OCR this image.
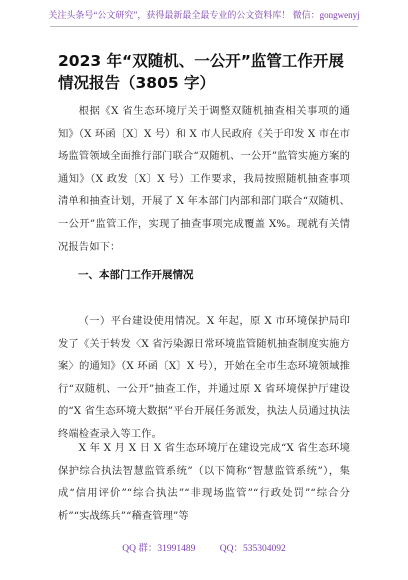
关注头条号“公文研究”，获得最新最全最专业的公文资料库！ 微信：gongwenyj
2023 年“双随机、一公开”监管工作开展情况报告（3805 字）
根据《X 省生态环境厅关于调整双随机抽查相关事项的通知》（X 环函〔X〕X 号）和 X 市人民政府《关于印发 X 市在市场监管领域全面推行部门联合“双随机、一公开”监管实施方案的通知》（X 政发〔X〕X 号）工作要求，我局按照随机抽查事项清单和抽查计划，开展了 X 年本部门内部和部门联合“双随机、一公开”监管工作，实现了抽查事项完成覆盖 X%。现就有关情况报告如下：
一、本部门工作开展情况
（一）平台建设使用情况。X 年起，原 X 市环境保护局印发了《关于转发〈X 省污染源日常环境监管随机抽查制度实施方案〉的通知》（X 环函〔X〕X 号），开始在全市生态环境领域推行“双随机、一公开”抽查工作，并通过原 X 省环境保护厅建设的“X 省生态环境大数据”平台开展任务派发，执法人员通过执法终端检查录入等工作。
X 年 X 月 X 日 X 省生态环境厅在建设完成“X 省生态环境保护综合执法智慧监管系统”（以下简称“智慧监管系统”），集成“信用评价”“综合执法”“非现场监管”“行政处罚”“综合分析”“实战练兵”“稽查管理”等
QQ 群：31991489	QQ：535304092
